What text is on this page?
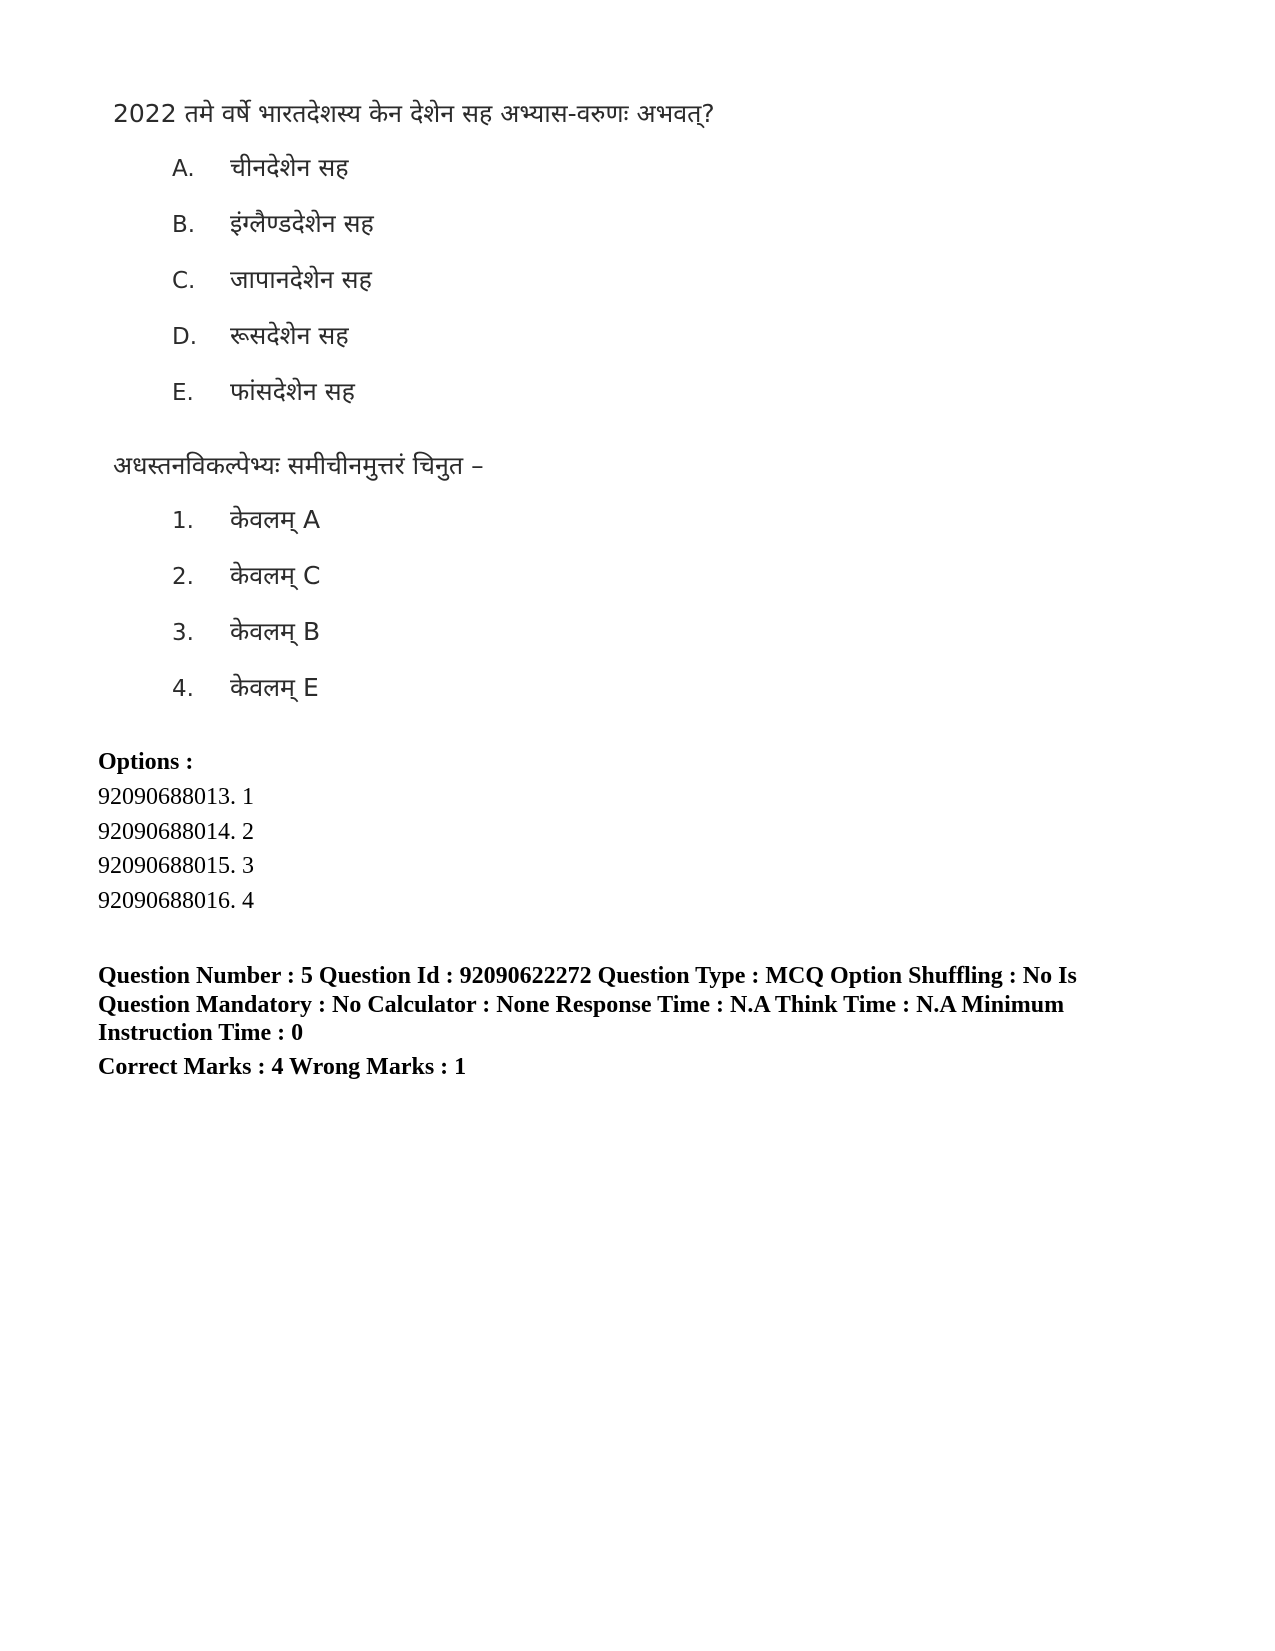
2022 तमे वर्षे भारतदेशस्य केन देशेन सह अभ्यास-वरुणः अभवत्?
A. चीनदेशेन सह
B. इंग्लैण्डदेशेन सह
C. जापानदेशेन सह
D. रूसदेशेन सह
E. फांसदेशेन सह
अधस्तनविकल्पेभ्यः समीचीनमुत्तरं चिनुत –
1. केवलम् A
2. केवलम् C
3. केवलम् B
4. केवलम् E
Options :
92090688013. 1
92090688014. 2
92090688015. 3
92090688016. 4
Question Number : 5 Question Id : 92090622272 Question Type : MCQ Option Shuffling : No Is Question Mandatory : No Calculator : None Response Time : N.A Think Time : N.A Minimum Instruction Time : 0
Correct Marks : 4 Wrong Marks : 1
